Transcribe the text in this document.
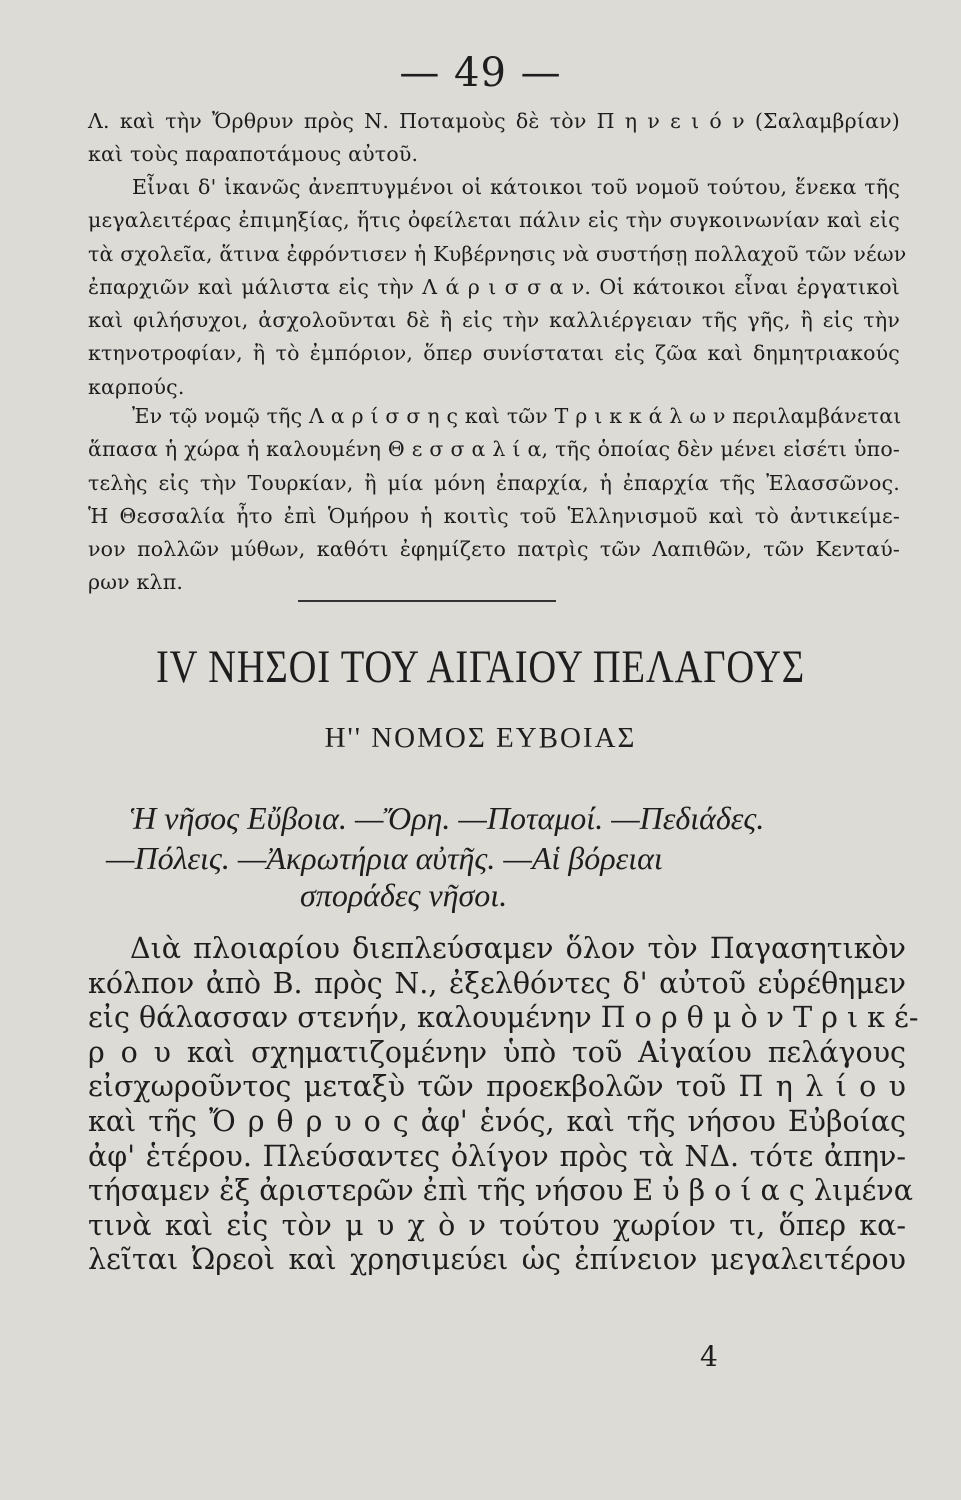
— 49 —
Λ. καὶ τὴν Ὄρθρυν πρὸς Ν. Ποταμοὺς δὲ τὸν Π η ν ε ι ό ν (Σαλαμβρίαν)
καὶ τοὺς παραποτάμους αὐτοῦ.
Εἶναι δ' ἱκανῶς ἀνεπτυγμένοι οἱ κάτοικοι τοῦ νομοῦ τούτου, ἕνεκα τῆς
μεγαλειτέρας ἐπιμηξίας, ἥτις ὀφείλεται πάλιν εἰς τὴν συγκοινωνίαν καὶ εἰς
τὰ σχολεῖα, ἅτινα ἐφρόντισεν ἡ Κυβέρνησις νὰ συστήσῃ πολλαχοῦ τῶν νέων
ἐπαρχιῶν καὶ μάλιστα εἰς τὴν Λ ά ρ ι σ σ α ν. Οἱ κάτοικοι εἶναι ἐργατικοὶ
καὶ φιλήσυχοι, ἀσχολοῦνται δὲ ἢ εἰς τὴν καλλιέργειαν τῆς γῆς, ἢ εἰς τὴν
κτηνοτροφίαν, ἢ τὸ ἐμπόριον, ὅπερ συνίσταται εἰς ζῶα καὶ δημητριακούς
καρπούς.
Ἐν τῷ νομῷ τῆς Λ α ρ ί σ σ η ς καὶ τῶν Τ ρ ι κ κ ά λ ω ν περιλαμβάνεται
ἅπασα ἡ χώρα ἡ καλουμένη Θ ε σ σ α λ ί α, τῆς ὁποίας δὲν μένει εἰσέτι ὑπο-
τελὴς εἰς τὴν Τουρκίαν, ἢ μία μόνη ἐπαρχία, ἡ ἐπαρχία τῆς Ἐλασσῶνος.
Ἡ Θεσσαλία ἦτο ἐπὶ Ὁμήρου ἡ κοιτὶς τοῦ Ἑλληνισμοῦ καὶ τὸ ἀντικείμε-
νον πολλῶν μύθων, καθότι ἐφημίζετο πατρὶς τῶν Λαπιθῶν, τῶν Κενταύ-
ρων κλπ.
IV ΝΗΣΟΙ ΤΟΥ ΑΙΓΑΙΟΥ ΠΕΛΑΓΟΥΣ
Η'' ΝΟΜΟΣ ΕΥΒΟΙΑΣ
Ἡ νῆσος Εὔβοια. —Ὄρη. —Ποταμοί. —Πεδιάδες.
—Πόλεις. —Ἀκρωτήρια αὐτῆς. —Αἱ βόρειαι
σποράδες νῆσοι.
Διὰ πλοιαρίου διεπλεύσαμεν ὅλον τὸν Παγασητικὸν
κόλπον ἀπὸ Β. πρὸς Ν., ἐξελθόντες δ' αὐτοῦ εὑρέθημεν
εἰς θάλασσαν στενήν, καλουμένην Π ο ρ θ μ ὸ ν Τ ρ ι κ έ-
ρ ο υ καὶ σχηματιζομένην ὑπὸ τοῦ Αἰγαίου πελάγους
εἰσχωροῦντος μεταξὺ τῶν προεκβολῶν τοῦ Π η λ ί ο υ
καὶ τῆς Ὄ ρ θ ρ υ ο ς ἀφ' ἑνός, καὶ τῆς νήσου Εὐβοίας
ἀφ' ἑτέρου. Πλεύσαντες ὀλίγον πρὸς τὰ ΝΔ. τότε ἀπην-
τήσαμεν ἐξ ἀριστερῶν ἐπὶ τῆς νήσου Ε ὐ β ο ί α ς λιμένα
τινὰ καὶ εἰς τὸν μ υ χ ὸ ν τούτου χωρίον τι, ὅπερ κα-
λεῖται Ὠρεοὶ καὶ χρησιμεύει ὡς ἐπίνειον μεγαλειτέρου
4
